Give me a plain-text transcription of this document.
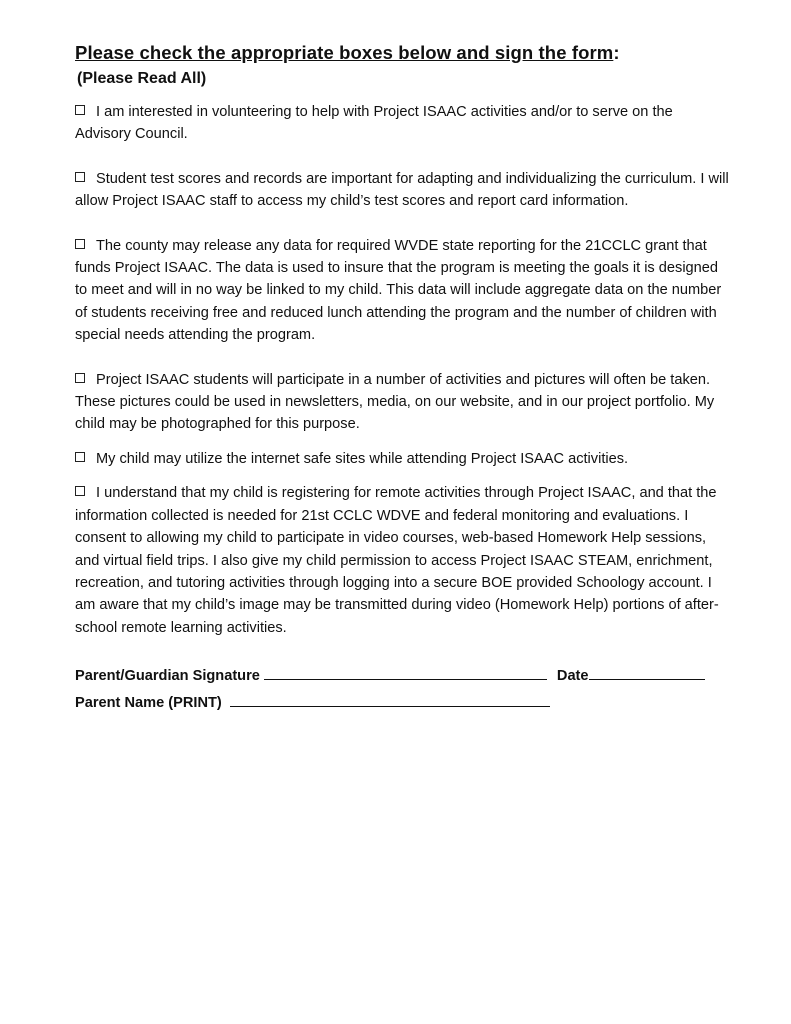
Please check the appropriate boxes below and sign the form:
(Please Read All)

I am interested in volunteering to help with Project ISAAC activities and/or to serve on the Advisory Council.

Student test scores and records are important for adapting and individualizing the curriculum. I will allow Project ISAAC staff to access my child’s test scores and report card information.

The county may release any data for required WVDE state reporting for the 21CCLC grant that funds Project ISAAC. The data is used to insure that the program is meeting the goals it is designed to meet and will in no way be linked to my child. This data will include aggregate data on the number of students receiving free and reduced lunch attending the program and the number of children with special needs attending the program.

Project ISAAC students will participate in a number of activities and pictures will often be taken. These pictures could be used in newsletters, media, on our website, and in our project portfolio. My child may be photographed for this purpose.

My child may utilize the internet safe sites while attending Project ISAAC activities.

I understand that my child is registering for remote activities through Project ISAAC, and that the information collected is needed for 21st CCLC WDVE and federal monitoring and evaluations. I consent to allowing my child to participate in video courses, web-based Homework Help sessions, and virtual field trips. I also give my child permission to access Project ISAAC STEAM, enrichment, recreation, and tutoring activities through logging into a secure BOE provided Schoology account. I am aware that my child’s image may be transmitted during video (Homework Help) portions of after-school remote learning activities.

Parent/Guardian Signature	Date
Parent Name (PRINT)
